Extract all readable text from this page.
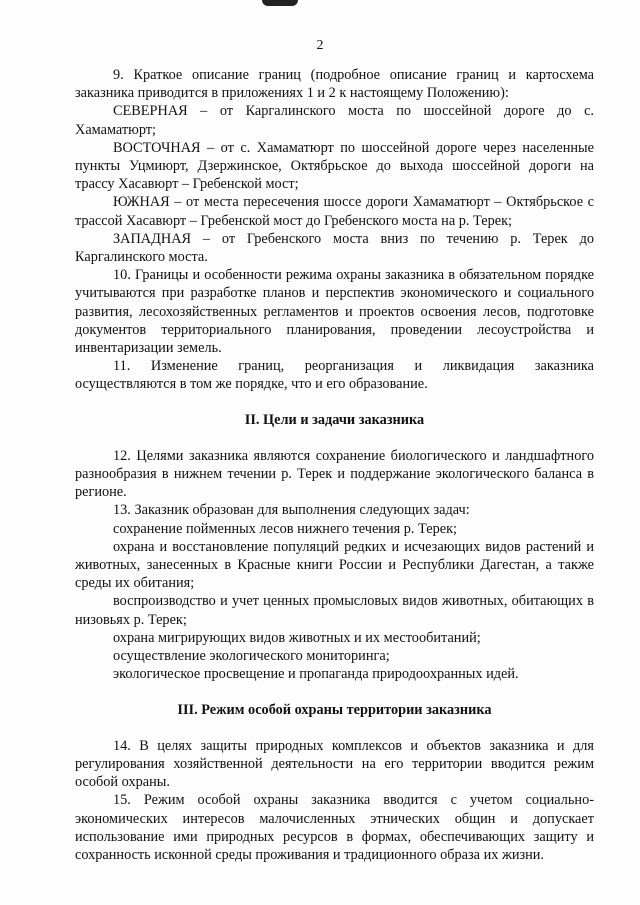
2

9. Краткое описание границ (подробное описание границ и картосхема заказника приводится в приложениях 1 и 2 к настоящему Положению):

СЕВЕРНАЯ – от Каргалинского моста по шоссейной дороге до с. Хамаматюрт;

ВОСТОЧНАЯ – от с. Хамаматюрт по шоссейной дороге через населенные пункты Уцмиюрт, Дзержинское, Октябрьское до выхода шоссейной дороги на трассу Хасавюрт – Гребенской мост;

ЮЖНАЯ – от места пересечения шоссе дороги Хамаматюрт – Октябрьское с трассой Хасавюрт – Гребенской мост до Гребенского моста на р. Терек;

ЗАПАДНАЯ – от Гребенского моста вниз по течению р. Терек до Каргалинского моста.

10. Границы и особенности режима охраны заказника в обязательном порядке учитываются при разработке планов и перспектив экономического и социального развития, лесохозяйственных регламентов и проектов освоения лесов, подготовке документов территориального планирования, проведении лесоустройства и инвентаризации земель.

11. Изменение границ, реорганизация и ликвидация заказника осуществляются в том же порядке, что и его образование.

II. Цели и задачи заказника

12. Целями заказника являются сохранение биологического и ландшафтного разнообразия в нижнем течении р. Терек и поддержание экологического баланса в регионе.

13. Заказник образован для выполнения следующих задач:

сохранение пойменных лесов нижнего течения р. Терек;

охрана и восстановление популяций редких и исчезающих видов растений и животных, занесенных в Красные книги России и Республики Дагестан, а также среды их обитания;

воспроизводство и учет ценных промысловых видов животных, обитающих в низовьях р. Терек;

охрана мигрирующих видов животных и их местообитаний;

осуществление экологического мониторинга;

экологическое просвещение и пропаганда природоохранных идей.

III. Режим особой охраны территории заказника

14. В целях защиты природных комплексов и объектов заказника и для регулирования хозяйственной деятельности на его территории вводится режим особой охраны.

15. Режим особой охраны заказника вводится с учетом социально-экономических интересов малочисленных этнических общин и допускает использование ими природных ресурсов в формах, обеспечивающих защиту и сохранность исконной среды проживания и традиционного образа их жизни.
